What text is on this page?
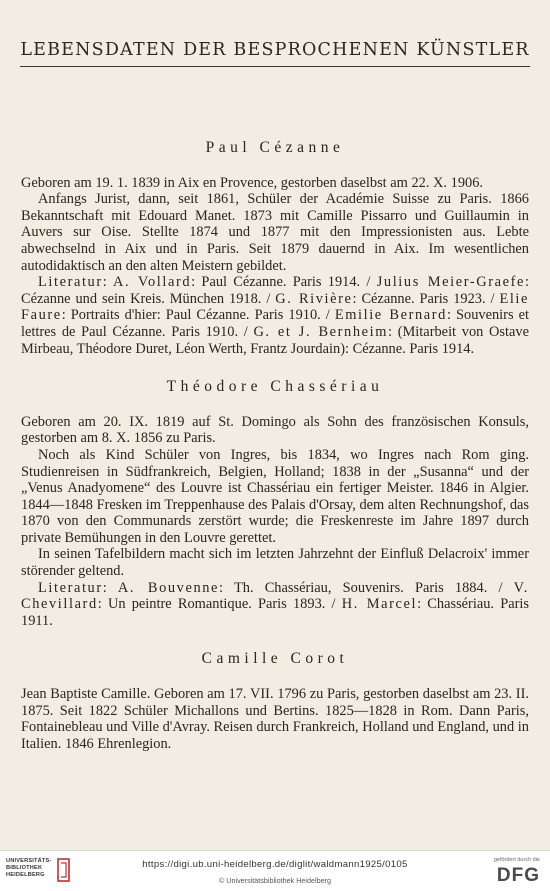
LEBENSDATEN DER BESPROCHENEN KÜNSTLER
Paul Cézanne

Geboren am 19. 1. 1839 in Aix en Provence, gestorben daselbst am 22. X. 1906.

Anfangs Jurist, dann, seit 1861, Schüler der Académie Suisse zu Paris. 1866 Bekanntschaft mit Edouard Manet. 1873 mit Camille Pissarro und Guillaumin in Auvers sur Oise. Stellte 1874 und 1877 mit den Impressionisten aus. Lebte abwechselnd in Aix und in Paris. Seit 1879 dauernd in Aix. Im wesentlichen autodidaktisch an den alten Meistern gebildet.

Literatur: A. Vollard: Paul Cézanne. Paris 1914. / Julius Meier-Graefe: Cézanne und sein Kreis. München 1918. / G. Rivière: Cézanne. Paris 1923. / Elie Faure: Portraits d'hier: Paul Cézanne. Paris 1910. / Emilie Bernard: Souvenirs et lettres de Paul Cézanne. Paris 1910. / G. et J. Bernheim: (Mitarbeit von Ostave Mirbeau, Théodore Duret, Léon Werth, Frantz Jourdain): Cézanne. Paris 1914.

Théodore Chassériau

Geboren am 20. IX. 1819 auf St. Domingo als Sohn des französischen Konsuls, gestorben am 8. X. 1856 zu Paris.

Noch als Kind Schüler von Ingres, bis 1834, wo Ingres nach Rom ging. Studienreisen in Südfrankreich, Belgien, Holland; 1838 in der „Susanna“ und der „Venus Anadyomene“ des Louvre ist Chassériau ein fertiger Meister. 1846 in Algier. 1844—1848 Fresken im Treppenhause des Palais d'Orsay, dem alten Rechnungshof, das 1870 von den Communards zerstört wurde; die Freskenreste im Jahre 1897 durch private Bemühungen in den Louvre gerettet.

In seinen Tafelbildern macht sich im letzten Jahrzehnt der Einfluß Delacroix' immer störender geltend.

Literatur: A. Bouvenne: Th. Chassériau, Souvenirs. Paris 1884. / V. Chevillard: Un peintre Romantique. Paris 1893. / H. Marcel: Chassériau. Paris 1911.

Camille Corot

Jean Baptiste Camille. Geboren am 17. VII. 1796 zu Paris, gestorben daselbst am 23. II. 1875. Seit 1822 Schüler Michallons und Bertins. 1825—1828 in Rom. Dann Paris, Fontainebleau und Ville d'Avray. Reisen durch Frankreich, Holland und England, und in Italien. 1846 Ehrenlegion.

UNIVERSITÄTS-
BIBLIOTHEK
HEIDELBERG
https://digi.ub.uni-heidelberg.de/diglit/waldmann1925/0105
© Universitätsbibliothek Heidelberg
gefördert durch die
DFG
